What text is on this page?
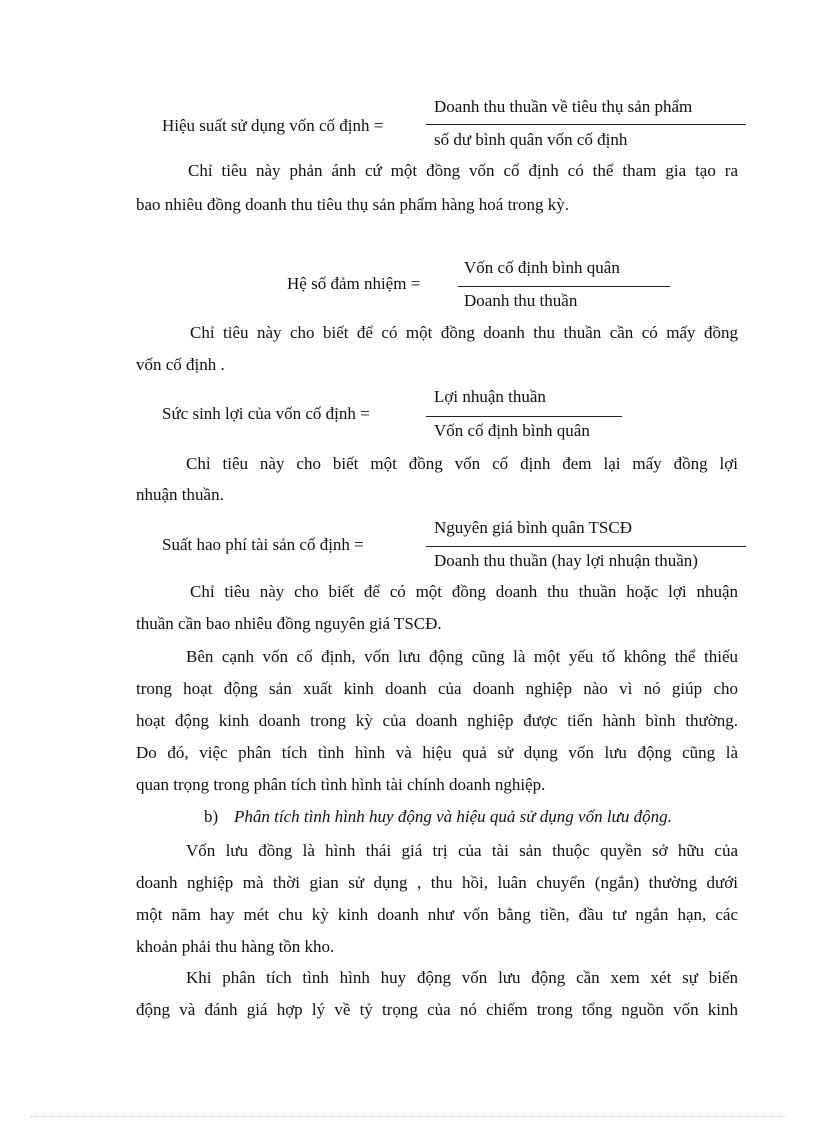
Hiệu suất sử dụng vốn cố định =
Doanh thu thuần về tiêu thụ sản phẩm
số dư bình quân vốn cố định
Chỉ tiêu này phản ánh cứ một đồng vốn cố định có thể tham gia tạo ra
bao nhiêu đồng doanh thu tiêu thụ sản phẩm hàng hoá trong kỳ.
Hệ số đảm nhiệm =
Vốn cố định bình quân
Doanh thu thuần
Chỉ tiêu này cho biết để có một đồng doanh thu thuần cần có mấy đồng
vốn cố định .
Sức sinh lợi của vốn cố định =
Lợi nhuận thuần
Vốn cố định bình quân
Chỉ tiêu này cho biết một đồng vốn cố định đem lại mấy đồng lợi
nhuận thuần.
Suất hao phí tài sản cố định =
Nguyên giá bình quân TSCĐ
Doanh thu thuần (hay lợi nhuận thuần)
Chỉ tiêu này cho biết để có một đồng doanh thu thuần hoặc lợi nhuận
thuần cần bao nhiêu đồng nguyên giá TSCĐ.
Bên cạnh vốn cố định, vốn lưu động cũng là một yếu tố không thể thiếu
trong hoạt động sản xuất kinh doanh của doanh nghiệp nào vì nó giúp cho
hoạt động kinh doanh trong kỳ của doanh nghiệp được tiến hành bình thường.
Do đó, việc phân tích tình hình và hiệu quả sử dụng vốn lưu động cũng là
quan trọng trong phân tích tình hình tài chính doanh nghiệp.
b) Phân tích tình hình huy động và hiệu quả sử dụng vốn lưu động.
Vốn lưu đồng là hình thái giá trị của tài sản thuộc quyền sở hữu của
doanh nghiệp mà thời gian sử dụng , thu hồi, luân chuyển (ngắn) thường dưới
một năm hay mét chu kỳ kinh doanh như vốn bằng tiền, đầu tư ngắn hạn, các
khoản phải thu hàng tồn kho.
Khi phân tích tình hình huy động vốn lưu động cần xem xét sự biến
động và đánh giá hợp lý về tỷ trọng của nó chiếm trong tổng nguồn vốn kinh
